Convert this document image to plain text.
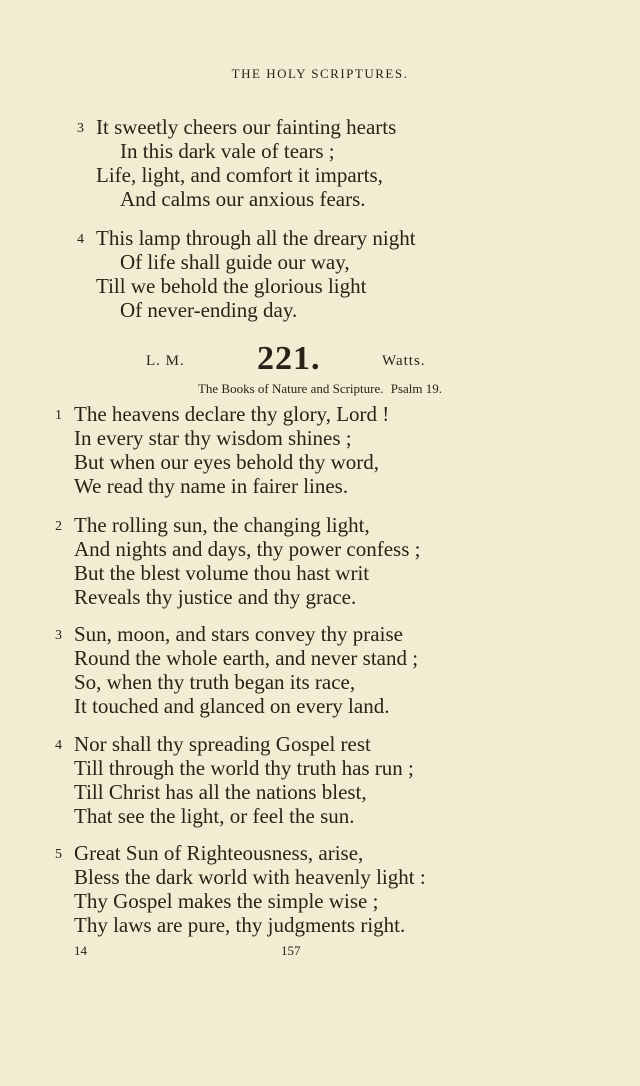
THE HOLY SCRIPTURES.
3 It sweetly cheers our fainting hearts
In this dark vale of tears ;
Life, light, and comfort it imparts,
And calms our anxious fears.
4 This lamp through all the dreary night
Of life shall guide our way,
Till we behold the glorious light
Of never-ending day.
L. M. 221.	Watts.
The Books of Nature and Scripture. Psalm 19.
1 The heavens declare thy glory, Lord !
In every star thy wisdom shines ;
But when our eyes behold thy word,
We read thy name in fairer lines.
2 The rolling sun, the changing light,
And nights and days, thy power confess ;
But the blest volume thou hast writ
Reveals thy justice and thy grace.
3 Sun, moon, and stars convey thy praise
Round the whole earth, and never stand ;
So, when thy truth began its race,
It touched and glanced on every land.
4 Nor shall thy spreading Gospel rest
Till through the world thy truth has run ;
Till Christ has all the nations blest,
That see the light, or feel the sun.
5 Great Sun of Righteousness, arise,
Bless the dark world with heavenly light :
Thy Gospel makes the simple wise ;
Thy laws are pure, thy judgments right.
14	157
